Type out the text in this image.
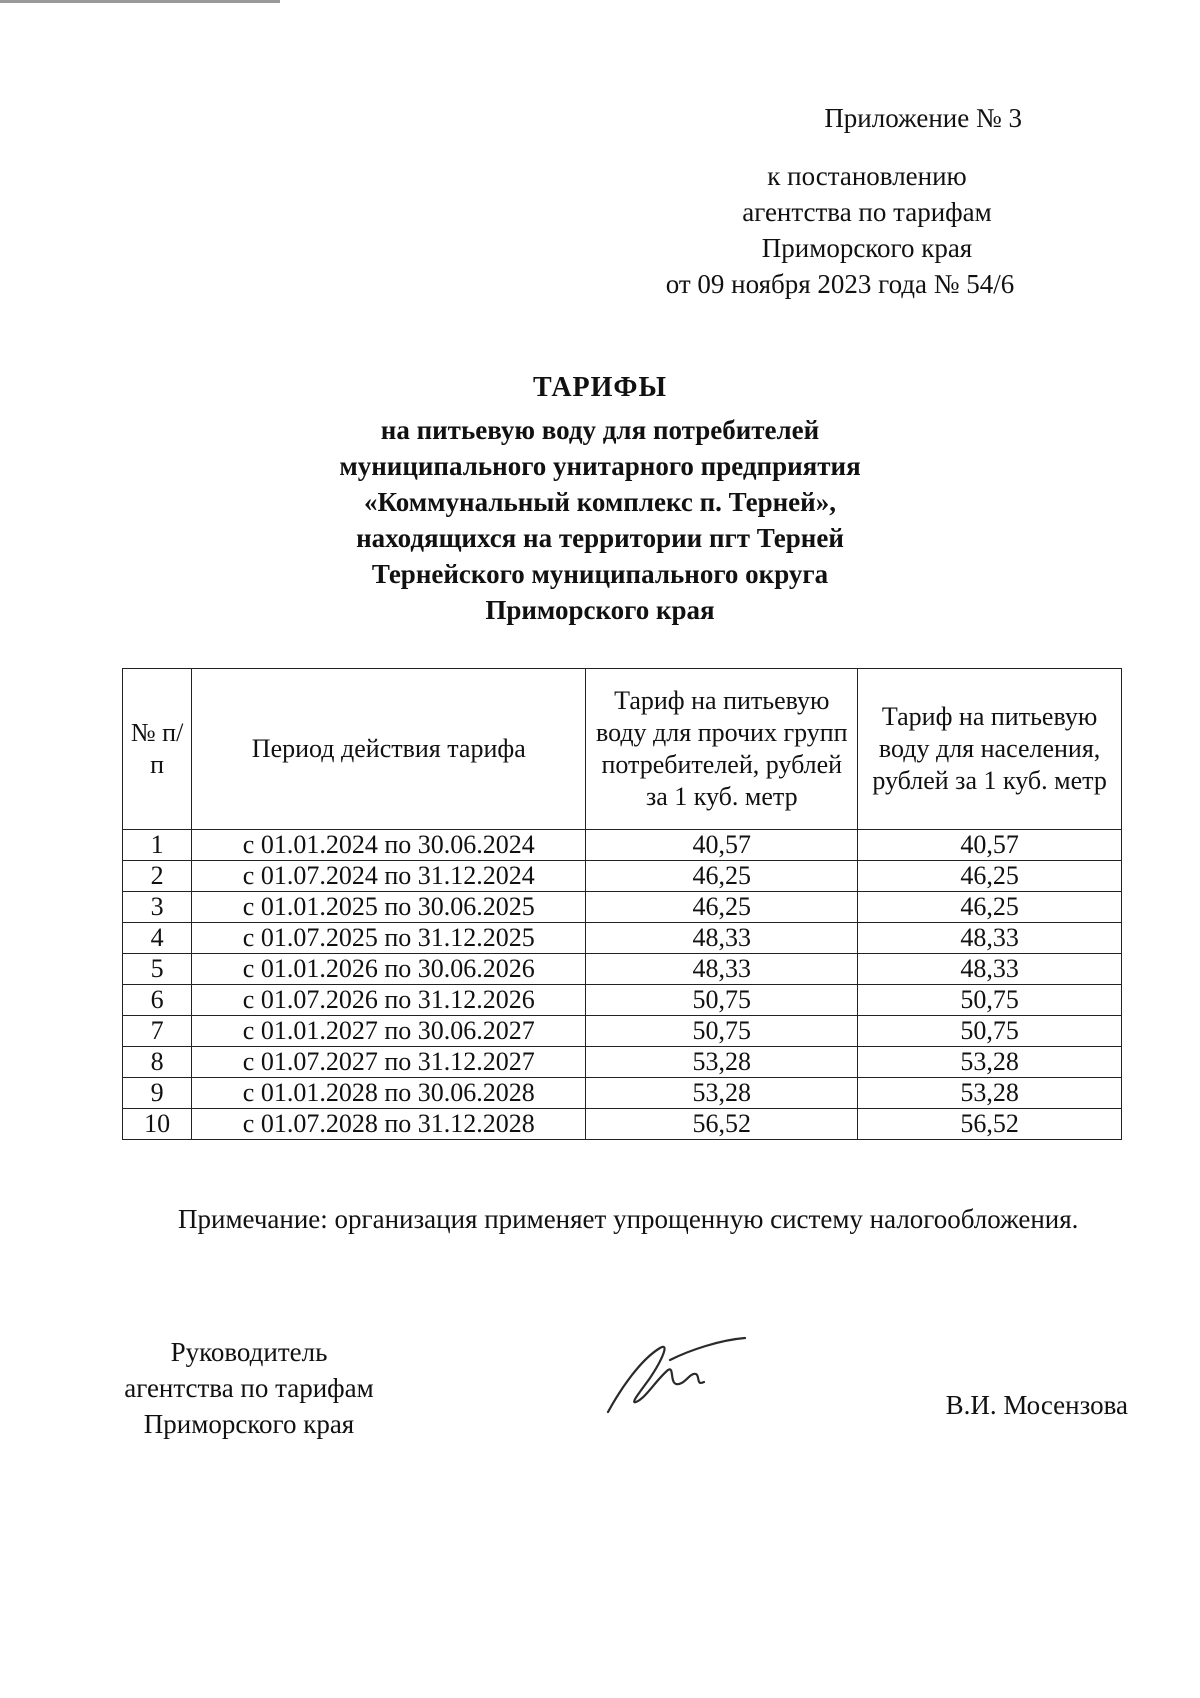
Приложение № 3
к постановлению
агентства по тарифам
Приморского края
от 09 ноября 2023 года № 54/6
ТАРИФЫ
на питьевую воду для потребителей
муниципального унитарного предприятия
«Коммунальный комплекс п. Терней»,
находящихся на территории пгт Терней
Тернейского муниципального округа
Приморского края
№ п/п	Период действия тарифа	Тариф на питьевую воду для прочих групп потребителей, рублей за 1 куб. метр	Тариф на питьевую воду для населения, рублей за 1 куб. метр
1	с 01.01.2024 по 30.06.2024	40,57	40,57
2	с 01.07.2024 по 31.12.2024	46,25	46,25
3	с 01.01.2025 по 30.06.2025	46,25	46,25
4	с 01.07.2025 по 31.12.2025	48,33	48,33
5	с 01.01.2026 по 30.06.2026	48,33	48,33
6	с 01.07.2026 по 31.12.2026	50,75	50,75
7	с 01.01.2027 по 30.06.2027	50,75	50,75
8	с 01.07.2027 по 31.12.2027	53,28	53,28
9	с 01.01.2028 по 30.06.2028	53,28	53,28
10	с 01.07.2028 по 31.12.2028	56,52	56,52
Примечание: организация применяет упрощенную систему налогообложения.
Руководитель
агентства по тарифам
Приморского края
В.И. Мосензова
